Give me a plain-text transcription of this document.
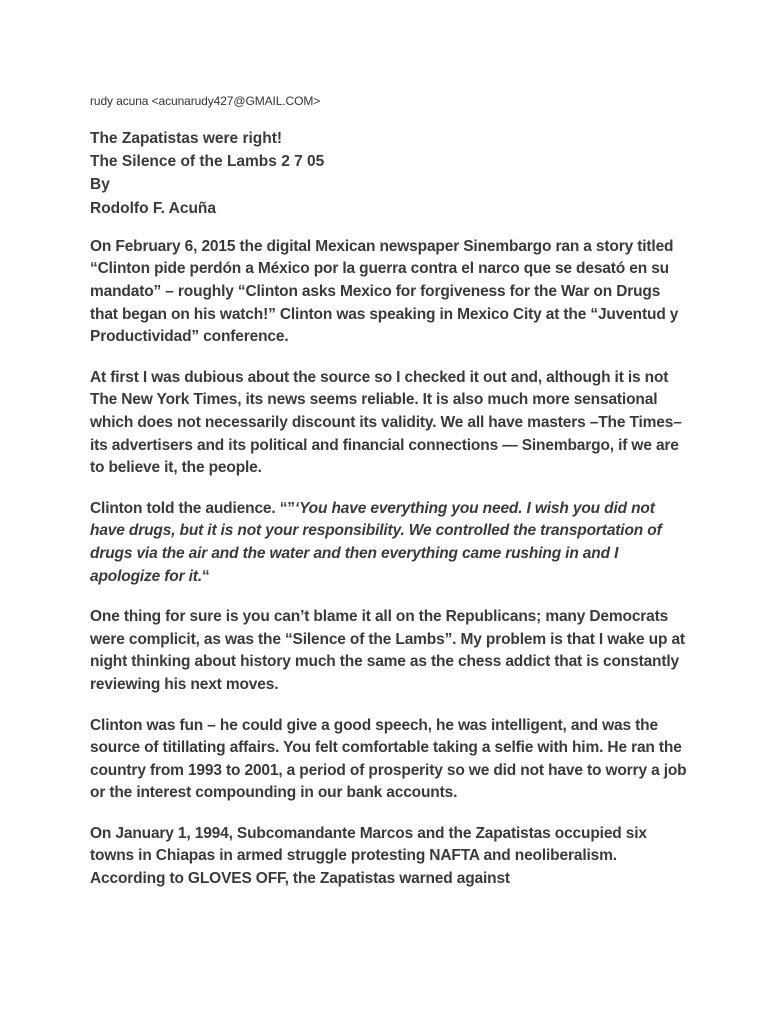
rudy acuna <acunarudy427@GMAIL.COM>
The Zapatistas were right!
The Silence of the Lambs 2 7 05
By
Rodolfo F. Acuña

On February 6, 2015 the digital Mexican newspaper Sinembargo ran a story titled “Clinton pide perdón a México por la guerra contra el narco que se desató en su mandato” – roughly “Clinton asks Mexico for forgiveness for the War on Drugs that began on his watch!” Clinton was speaking in Mexico City at the “Juventud y Productividad” conference.

At first I was dubious about the source so I checked it out and, although it is not The New York Times, its news seems reliable. It is also much more sensational which does not necessarily discount its validity. We all have masters –The Times– its advertisers and its political and financial connections — Sinembargo, if we are to believe it, the people.

Clinton told the audience. “”‘You have everything you need. I wish you did not have drugs, but it is not your responsibility. We controlled the transportation of drugs via the air and the water and then everything came rushing in and I apologize for it.“

One thing for sure is you can’t blame it all on the Republicans; many Democrats were complicit, as was the “Silence of the Lambs”. My problem is that I wake up at night thinking about history much the same as the chess addict that is constantly reviewing his next moves.

Clinton was fun – he could give a good speech, he was intelligent, and was the source of titillating affairs. You felt comfortable taking a selfie with him. He ran the country from 1993 to 2001, a period of prosperity so we did not have to worry a job or the interest compounding in our bank accounts.

On January 1, 1994, Subcomandante Marcos and the Zapatistas occupied six towns in Chiapas in armed struggle protesting NAFTA and neoliberalism. According to GLOVES OFF, the Zapatistas warned against
